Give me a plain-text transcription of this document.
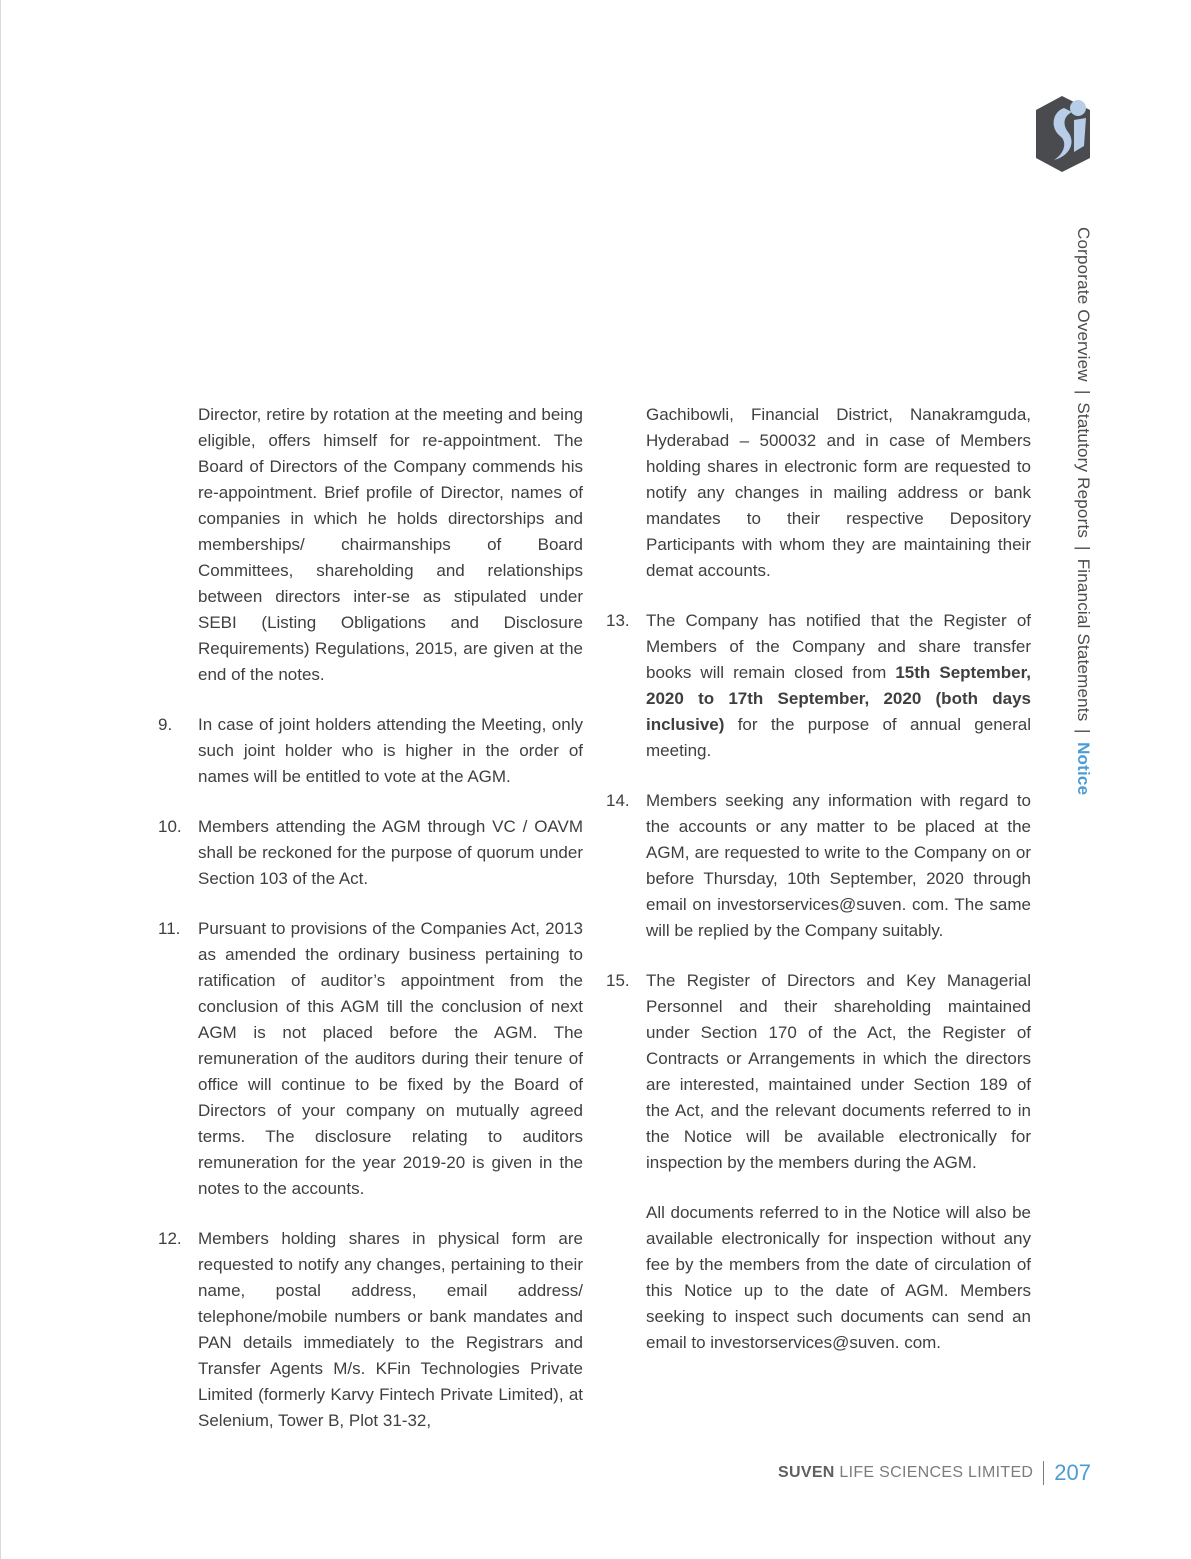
Corporate Overview|Statutory Reports|Financial Statements|Notice
Director, retire by rotation at the meeting and being eligible, offers himself for re-appointment. The Board of Directors of the Company commends his re-appointment. Brief profile of Director, names of companies in which he holds directorships and memberships/ chairmanships of Board Committees, shareholding and relationships between directors inter-se as stipulated under SEBI (Listing Obligations and Disclosure Requirements) Regulations, 2015, are given at the end of the notes.
9.	In case of joint holders attending the Meeting, only such joint holder who is higher in the order of names will be entitled to vote at the AGM.
10. Members attending the AGM through VC / OAVM shall be reckoned for the purpose of quorum under Section 103 of the Act.
11.	Pursuant to provisions of the Companies Act, 2013 as amended the ordinary business pertaining to ratification of auditor’s appointment from the conclusion of this AGM till the conclusion of next AGM is not placed before the AGM. The remuneration of the auditors during their tenure of office will continue to be fixed by the Board of Directors of your company on mutually agreed terms. The disclosure relating to auditors remuneration for the year 2019-20 is given in the notes to the accounts.
12. Members holding shares in physical form are requested to notify any changes, pertaining to their name, postal address, email address/ telephone/mobile numbers or bank mandates and PAN details immediately to the Registrars and Transfer Agents M/s. KFin Technologies Private Limited (formerly Karvy Fintech Private Limited), at Selenium, Tower B, Plot 31-32,
Gachibowli, Financial District, Nanakramguda, Hyderabad – 500032 and in case of Members holding shares in electronic form are requested to notify any changes in mailing address or bank mandates to their respective Depository Participants with whom they are maintaining their demat accounts.
13. The Company has notified that the Register of Members of the Company and share transfer books will remain closed from 15th September, 2020 to 17th September, 2020 (both days inclusive) for the purpose of annual general meeting.
14. Members seeking any information with regard to the accounts or any matter to be placed at the AGM, are requested to write to the Company on or before Thursday, 10th September, 2020 through email on investorservices@suven. com. The same will be replied by the Company suitably.
15. The Register of Directors and Key Managerial Personnel and their shareholding maintained under Section 170 of the Act, the Register of Contracts or Arrangements in which the directors are interested, maintained under Section 189 of the Act, and the relevant documents referred to in the Notice will be available electronically for inspection by the members during the AGM.
All documents referred to in the Notice will also be available electronically for inspection without any fee by the members from the date of circulation of this Notice up to the date of AGM. Members seeking to inspect such documents can send an email to investorservices@suven. com.
SUVEN LIFE SCIENCES LIMITED 207
